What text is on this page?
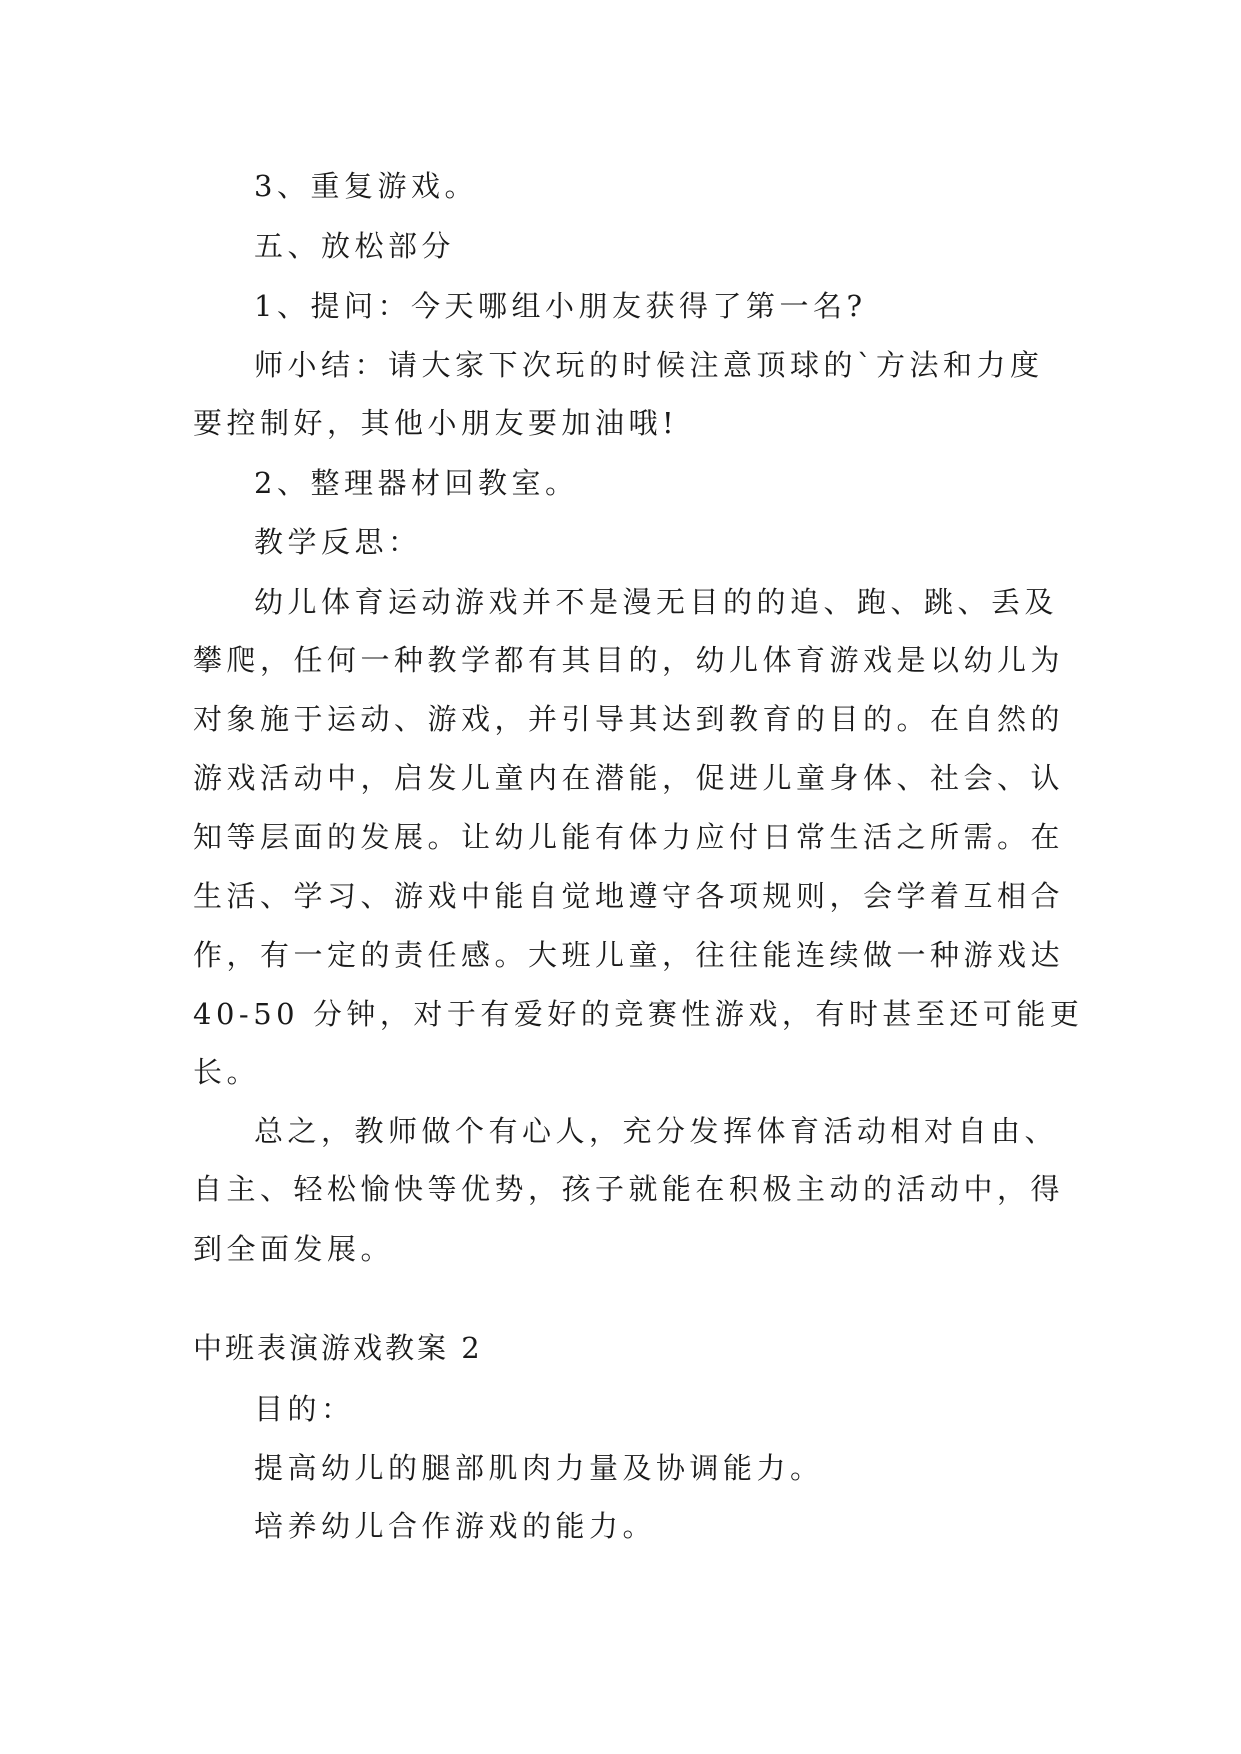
3、重复游戏。
五、放松部分
1、提问：今天哪组小朋友获得了第一名?
师小结：请大家下次玩的时候注意顶球的`方法和力度
要控制好，其他小朋友要加油哦!
2、整理器材回教室。
教学反思：
幼儿体育运动游戏并不是漫无目的的追、跑、跳、丢及
攀爬，任何一种教学都有其目的，幼儿体育游戏是以幼儿为
对象施于运动、游戏，并引导其达到教育的目的。在自然的
游戏活动中，启发儿童内在潜能，促进儿童身体、社会、认
知等层面的发展。让幼儿能有体力应付日常生活之所需。在
生活、学习、游戏中能自觉地遵守各项规则，会学着互相合
作，有一定的责任感。大班儿童，往往能连续做一种游戏达
40-50 分钟，对于有爱好的竞赛性游戏，有时甚至还可能更
长。
总之，教师做个有心人，充分发挥体育活动相对自由、
自主、轻松愉快等优势，孩子就能在积极主动的活动中，得
到全面发展。
中班表演游戏教案 2
目的：
提高幼儿的腿部肌肉力量及协调能力。
培养幼儿合作游戏的能力。
